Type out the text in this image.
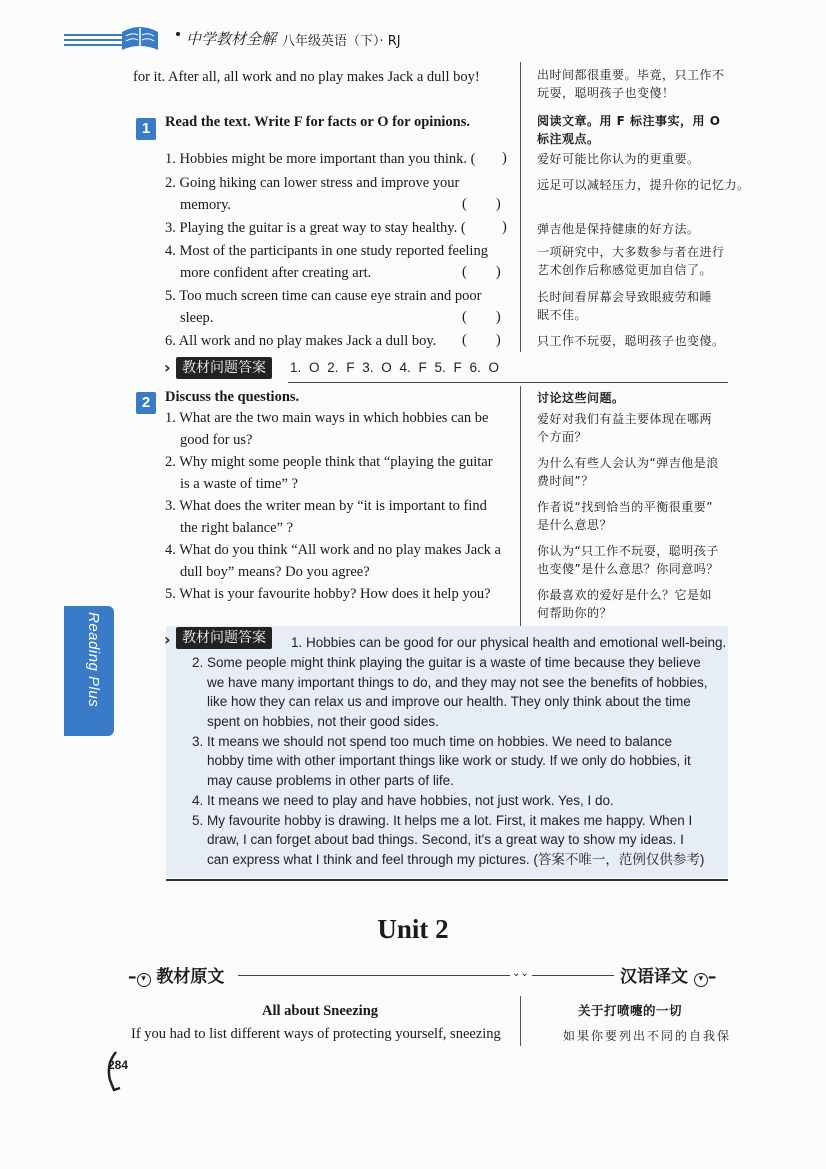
中学教材全解 八年级英语（下）· RJ
for it. After all, all work and no play makes Jack a dull boy!	出时间都很重要。毕竟，只工作不
玩耍，聪明孩子也变傻！
1	Read the text. Write F for facts or O for opinions.	阅读文章。用 F 标注事实，用 O
标注观点。
1. Hobbies might be more important than you think. ( )	爱好可能比你认为的更重要。
2. Going hiking can lower stress and improve your
memory.	(        )
远足可以减轻压力，提升你的记忆力。
3. Playing the guitar is a great way to stay healthy. (	)	弹吉他是保持健康的好方法。
4. Most of the participants in one study reported feeling
more confident after creating art.	(        )
一项研究中，大多数参与者在进行
艺术创作后称感觉更加自信了。
5. Too much screen time can cause eye strain and poor
sleep.	(        )
长时间看屏幕会导致眼疲劳和睡
眠不佳。
6. All work and no play makes Jack a dull boy. (        )	只工作不玩耍，聪明孩子也变傻。
› 教材问题答案	1. O 2. F 3. O 4. F 5. F 6. O
2	Discuss the questions.	讨论这些问题。
1. What are the two main ways in which hobbies can be
good for us?
爱好对我们有益主要体现在哪两
个方面？
2. Why might some people think that “playing the guitar
is a waste of time” ?
为什么有些人会认为“弹吉他是浪
费时间”？
3. What does the writer mean by “it is important to find
the right balance” ?
作者说“找到恰当的平衡很重要”
是什么意思？
4. What do you think “All work and no play makes Jack a
dull boy” means? Do you agree?
你认为“只工作不玩耍，聪明孩子
也变傻”是什么意思？你同意吗？
5. What is your favourite hobby? How does it help you?	你最喜欢的爱好是什么？它是如
何帮助你的？
Reading Plus	› 教材问题答案	1. Hobbies can be good for our physical health and emotional well-being.
2. Some people might think playing the guitar is a waste of time because they believe
we have many important things to do, and they may not see the benefits of hobbies,
like how they can relax us and improve our health. They only think about the time
spent on hobbies, not their good sides.
3. It means we should not spend too much time on hobbies. We need to balance
hobby time with other important things like work or study. If we only do hobbies, it
may cause problems in other parts of life.
4. It means we need to play and have hobbies, not just work. Yes, I do.
5. My favourite hobby is drawing. It helps me a lot. First, it makes me happy. When I
draw, I can forget about bad things. Second, it's a great way to show my ideas. I
can express what I think and feel through my pictures. (答案不唯一，范例仅供参考)
Unit 2
– ▾ 教材原文	⌄⌄	汉语译文 ▾ –
All about Sneezing	关于打喷嚏的一切
If you had to list different ways of protecting yourself, sneezing	如果你要列出不同的自我保
284
